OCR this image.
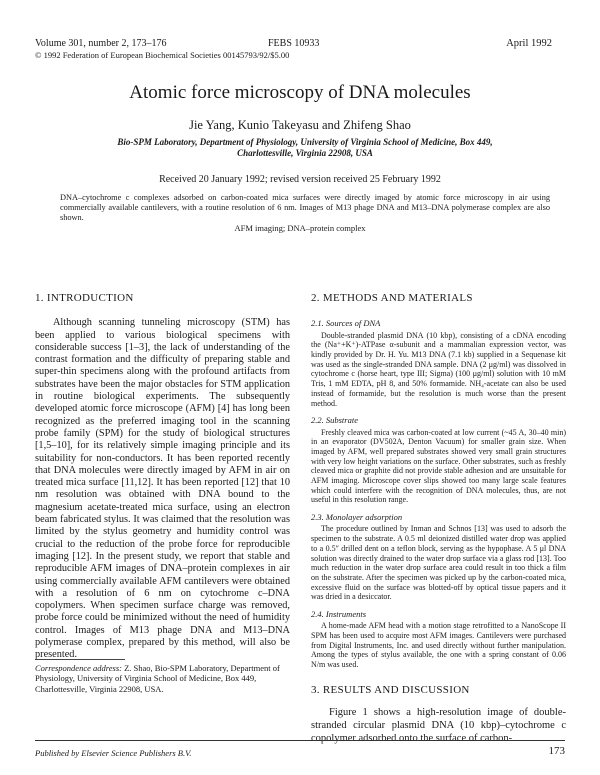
Volume 301, number 2, 173–176
© 1992 Federation of European Biochemical Societies 00145793/92/$5.00
FEBS 10933	April 1992
Atomic force microscopy of DNA molecules
Jie Yang, Kunio Takeyasu and Zhifeng Shao
Bio-SPM Laboratory, Department of Physiology, University of Virginia School of Medicine, Box 449, Charlottesville, Virginia 22908, USA
Received 20 January 1992; revised version received 25 February 1992
DNA–cytochrome c complexes adsorbed on carbon-coated mica surfaces were directly imaged by atomic force microscopy in air using commercially available cantilevers, with a routine resolution of 6 nm. Images of M13 phage DNA and M13–DNA polymerase complex are also shown.
AFM imaging; DNA–protein complex
1. INTRODUCTION

Although scanning tunneling microscopy (STM) has been applied to various biological specimens with considerable success [1–3], the lack of understanding of the contrast formation and the difficulty of preparing stable and super-thin specimens along with the profound artifacts from substrates have been the major obstacles for STM application in routine biological experiments. The subsequently developed atomic force microscope (AFM) [4] has long been recognized as the preferred imaging tool in the scanning probe family (SPM) for the study of biological structures [1,5–10], for its relatively simple imaging principle and its suitability for non-conductors. It has been reported recently that DNA molecules were directly imaged by AFM in air on treated mica surface [11,12]. It has been reported [12] that 10 nm resolution was obtained with DNA bound to the magnesium acetate-treated mica surface, using an electron beam fabricated stylus. It was claimed that the resolution was limited by the stylus geometry and humidity control was crucial to the reduction of the probe force for reproducible imaging [12]. In the present study, we report that stable and reproducible AFM images of DNA–protein complexes in air using commercially available AFM cantilevers were obtained with a resolution of 6 nm on cytochrome c–DNA copolymers. When specimen surface charge was removed, probe force could be minimized without the need of humidity control. Images of M13 phage DNA and M13–DNA polymerase complex, prepared by this method, will also be presented.

Correspondence address: Z. Shao, Bio-SPM Laboratory, Department of Physiology, University of Virginia School of Medicine, Box 449, Charlottesville, Virginia 22908, USA.
2. METHODS AND MATERIALS
2.1. Sources of DNA

Double-stranded plasmid DNA (10 kbp), consisting of a cDNA encoding the (Na⁺+K⁺)-ATPase α-subunit and a mammalian expression vector, was kindly provided by Dr. H. Yu. M13 DNA (7.1 kb) supplied in a Sequenase kit was used as the single-stranded DNA sample. DNA (2 μg/ml) was dissolved in cytochrome c (horse heart, type III; Sigma) (100 μg/ml) solution with 10 mM Tris, 1 mM EDTA, pH 8, and 50% formamide. NH₄-acetate can also be used instead of formamide, but the resolution is much worse than the present method.

2.2. Substrate

Freshly cleaved mica was carbon-coated at low current (~45 A, 30–40 min) in an evaporator (DV502A, Denton Vacuum) for smaller grain size. When imaged by AFM, well prepared substrates showed very small grain structures with very low height variations on the surface. Other substrates, such as freshly cleaved mica or graphite did not provide stable adhesion and are unsuitable for AFM imaging. Microscope cover slips showed too many large scale features which could interfere with the recognition of DNA molecules, thus, are not useful in this resolution range.

2.3. Monolayer adsorption

The procedure outlined by Inman and Schnos [13] was used to adsorb the specimen to the substrate. A 0.5 ml deionized distilled water drop was applied to a 0.5″ drilled dent on a teflon block, serving as the hypophase. A 5 μl DNA solution was directly drained to the water drop surface via a glass rod [13]. Too much reduction in the water drop surface area could result in too thick a film on the substrate. After the specimen was picked up by the carbon-coated mica, excessive fluid on the surface was blotted-off by optical tissue papers and it was dried in a desiccator.

2.4. Instruments

A home-made AFM head with a motion stage retrofitted to a NanoScope II SPM has been used to acquire most AFM images. Cantilevers were purchased from Digital Instruments, Inc. and used directly without further manipulation. Among the types of stylus available, the one with a spring constant of 0.06 N/m was used.

3. RESULTS AND DISCUSSION

Figure 1 shows a high-resolution image of double-stranded circular plasmid DNA (10 kbp)–cytochrome c copolymer adsorbed onto the surface of carbon-

Published by Elsevier Science Publishers B.V.	173
